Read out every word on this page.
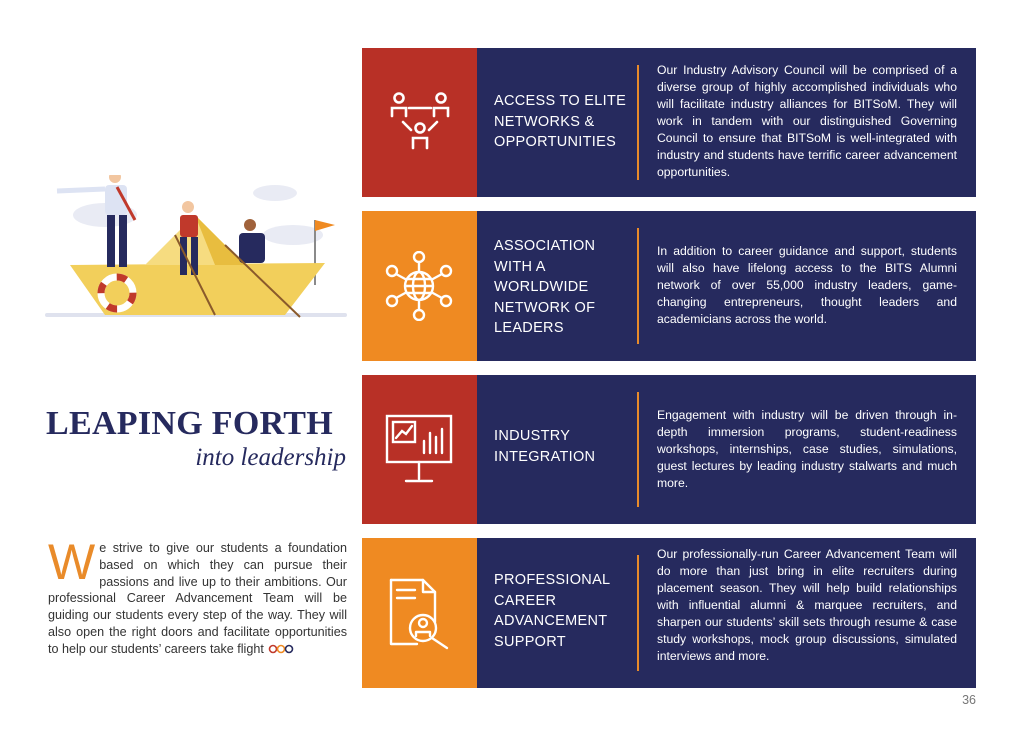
LEAPING FORTH
into leadership
We strive to give our students a foundation based on which they can pursue their passions and live up to their ambitions. Our professional Career Advancement Team will be guiding our students every step of the way. They will also open the right doors and facilitate opportunities to help our students’ careers take flight
ACCESS TO ELITE NETWORKS & OPPORTUNITIES
Our Industry Advisory Council will be comprised of a diverse group of highly accomplished individuals who will facilitate industry alliances for BITSoM. They will work in tandem with our distinguished Governing Council to ensure that BITSoM is well-integrated with industry and students have terrific career advancement opportunities.
ASSOCIATION WITH A WORLDWIDE NETWORK OF LEADERS
In addition to career guidance and support, students will also have lifelong access to the BITS Alumni network of over 55,000 industry leaders, game-changing entrepreneurs, thought leaders and academicians across the world.
INDUSTRY INTEGRATION
Engagement with industry will be driven through in-depth immersion programs, student-readiness workshops, internships, case studies, simulations, guest lectures by leading industry stalwarts and much more.
PROFESSIONAL CAREER ADVANCEMENT SUPPORT
Our professionally-run Career Advancement Team will do more than just bring in elite recruiters during placement season. They will help build relationships with influential alumni & marquee recruiters, and sharpen our students’ skill sets through resume & case study workshops, mock group discussions, simulated interviews and more.
36
